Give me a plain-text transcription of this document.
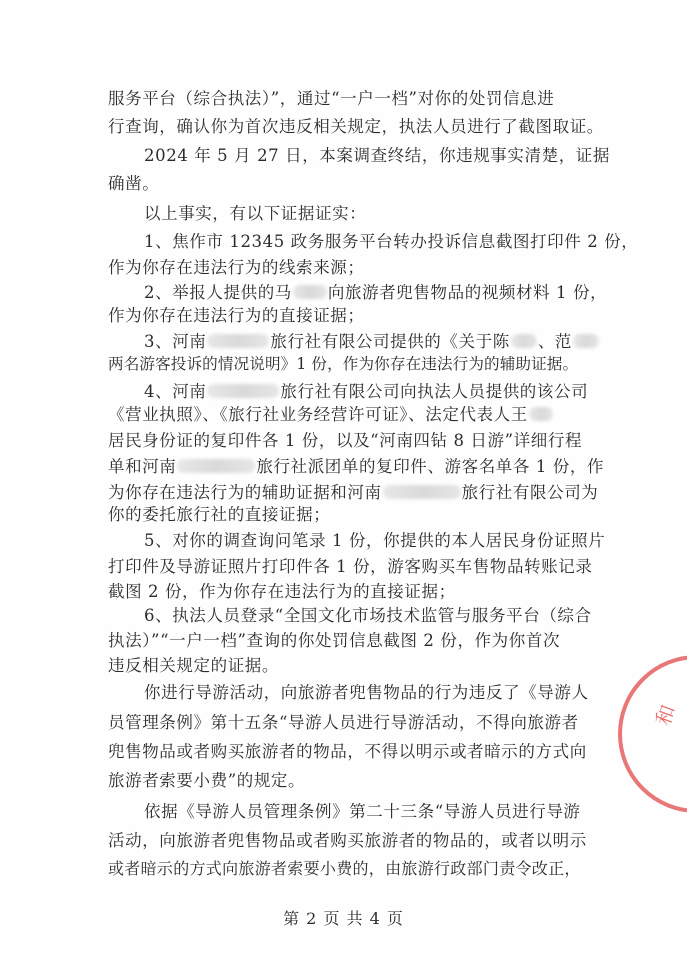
服务平台（综合执法）”，通过“一户一档”对你的处罚信息进
行查询，确认你为首次违反相关规定，执法人员进行了截图取证。
2024 年 5 月 27 日，本案调查终结，你违规事实清楚，证据
确凿。
以上事实，有以下证据证实：
1、焦作市 12345 政务服务平台转办投诉信息截图打印件 2 份，
作为你存在违法行为的线索来源；
2、举报人提供的马 向旅游者兜售物品的视频材料 1 份，
作为你存在违法行为的直接证据；
3、河南	旅行社有限公司提供的《关于陈 、范
两名游客投诉的情况说明》1 份，作为你存在违法行为的辅助证据。
4、河南	旅行社有限公司向执法人员提供的该公司
《营业执照》、《旅行社业务经营许可证》、法定代表人王
居民身份证的复印件各 1 份，以及“河南四钻 8 日游”详细行程
单和河南	旅行社派团单的复印件、游客名单各 1 份，作
为你存在违法行为的辅助证据和河南	旅行社有限公司为
你的委托旅行社的直接证据；
5、对你的调查询问笔录 1 份，你提供的本人居民身份证照片
打印件及导游证照片打印件各 1 份，游客购买车售物品转账记录
截图 2 份，作为你存在违法行为的直接证据；
6、执法人员登录“全国文化市场技术监管与服务平台（综合
执法）”“一户一档”查询的你处罚信息截图 2 份，作为你首次
违反相关规定的证据。
你进行导游活动，向旅游者兜售物品的行为违反了《导游人
员管理条例》第十五条“导游人员进行导游活动，不得向旅游者
兜售物品或者购买旅游者的物品，不得以明示或者暗示的方式向
旅游者索要小费”的规定。
依据《导游人员管理条例》第二十三条“导游人员进行导游
活动，向旅游者兜售物品或者购买旅游者的物品的，或者以明示
或者暗示的方式向旅游者索要小费的，由旅游行政部门责令改正，
和
第 2 页 共 4 页
